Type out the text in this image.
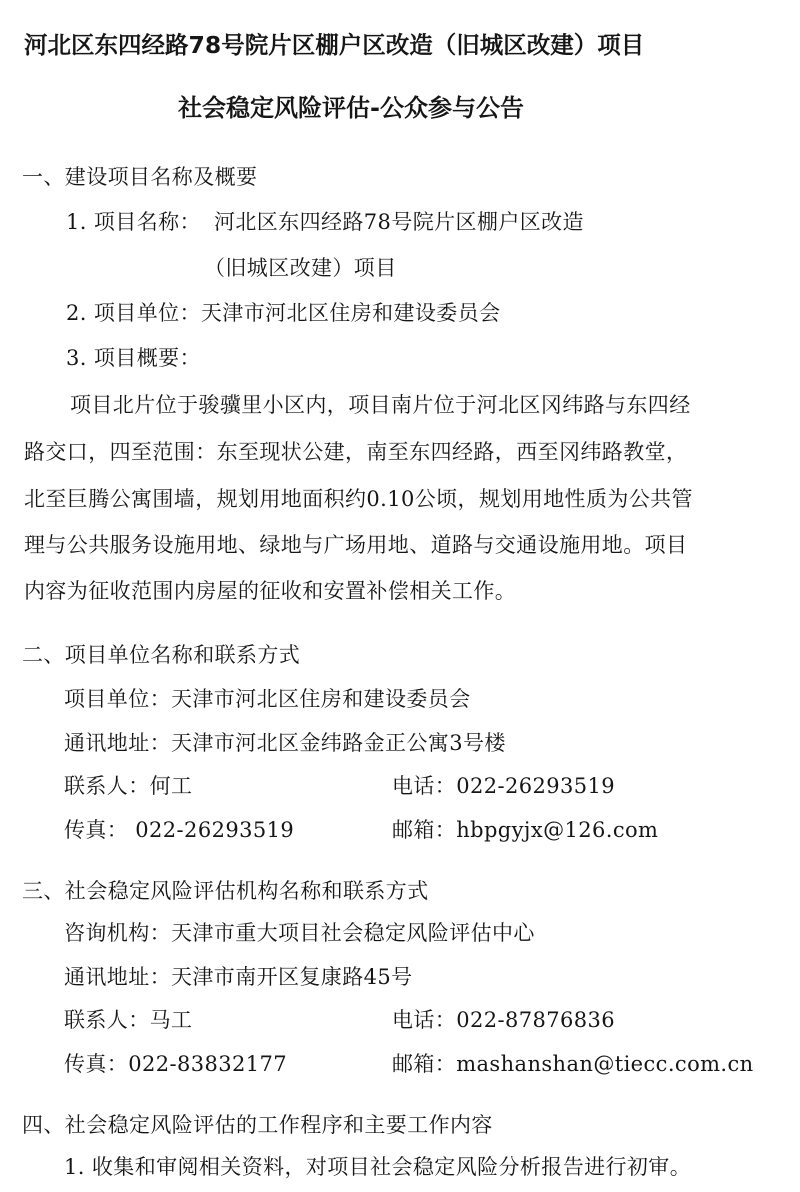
河北区东四经路78号院片区棚户区改造（旧城区改建）项目
社会稳定风险评估-公众参与公告
一、建设项目名称及概要
1. 项目名称： 河北区东四经路78号院片区棚户区改造
（旧城区改建）项目
2. 项目单位：天津市河北区住房和建设委员会
3. 项目概要：
项目北片位于骏骥里小区内，项目南片位于河北区冈纬路与东四经
路交口，四至范围：东至现状公建，南至东四经路，西至冈纬路教堂，
北至巨腾公寓围墙，规划用地面积约0.10公顷，规划用地性质为公共管
理与公共服务设施用地、绿地与广场用地、道路与交通设施用地。项目
内容为征收范围内房屋的征收和安置补偿相关工作。
二、项目单位名称和联系方式
项目单位：天津市河北区住房和建设委员会
通讯地址：天津市河北区金纬路金正公寓3号楼
联系人：何工	电话：022-26293519
传真： 022-26293519	邮箱：hbpgyjx@126.com
三、社会稳定风险评估机构名称和联系方式
咨询机构：天津市重大项目社会稳定风险评估中心
通讯地址：天津市南开区复康路45号
联系人：马工	电话：022-87876836
传真：022-83832177	邮箱：mashanshan@tiecc.com.cn
四、社会稳定风险评估的工作程序和主要工作内容
1. 收集和审阅相关资料，对项目社会稳定风险分析报告进行初审。
